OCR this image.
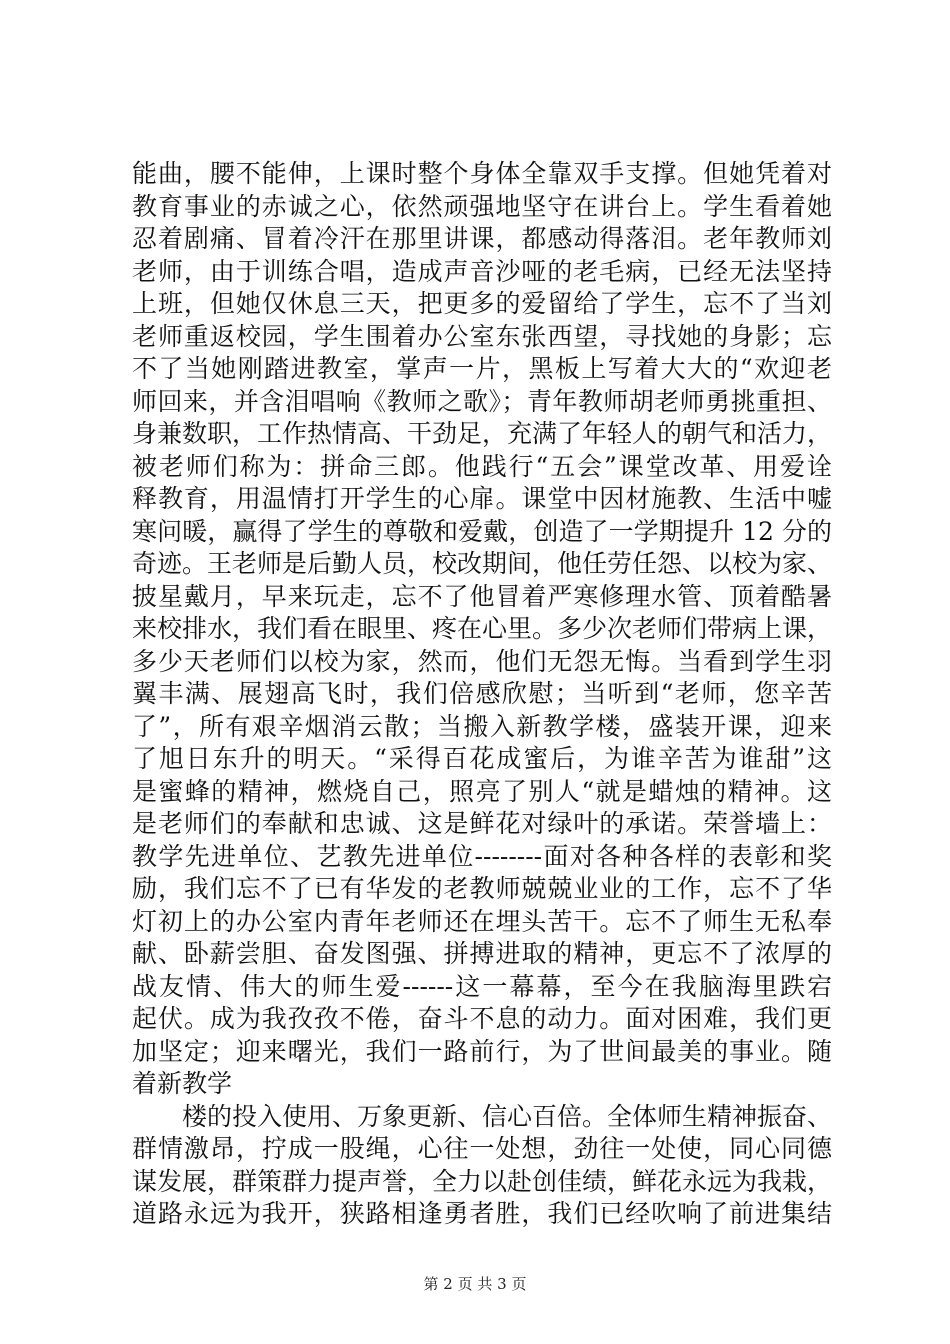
能曲，腰不能伸，上课时整个身体全靠双手支撑。但她凭着对
教育事业的赤诚之心，依然顽强地坚守在讲台上。学生看着她
忍着剧痛、冒着冷汗在那里讲课，都感动得落泪。老年教师刘
老师，由于训练合唱，造成声音沙哑的老毛病，已经无法坚持
上班，但她仅休息三天，把更多的爱留给了学生，忘不了当刘
老师重返校园，学生围着办公室东张西望，寻找她的身影；忘
不了当她刚踏进教室，掌声一片，黑板上写着大大的“欢迎老
师回来，并含泪唱响《教师之歌》；青年教师胡老师勇挑重担、
身兼数职，工作热情高、干劲足，充满了年轻人的朝气和活力，
被老师们称为：拼命三郎。他践行“五会”课堂改革、用爱诠
释教育，用温情打开学生的心扉。课堂中因材施教、生活中嘘
寒问暖，赢得了学生的尊敬和爱戴，创造了一学期提升 12 分的
奇迹。王老师是后勤人员，校改期间，他任劳任怨、以校为家、
披星戴月，早来玩走，忘不了他冒着严寒修理水管、顶着酷暑
来校排水，我们看在眼里、疼在心里。多少次老师们带病上课，
多少天老师们以校为家，然而，他们无怨无悔。当看到学生羽
翼丰满、展翅高飞时，我们倍感欣慰；当听到“老师，您辛苦
了”，所有艰辛烟消云散；当搬入新教学楼，盛装开课，迎来
了旭日东升的明天。“采得百花成蜜后，为谁辛苦为谁甜”这
是蜜蜂的精神，燃烧自己，照亮了别人“就是蜡烛的精神。这
是老师们的奉献和忠诚、这是鲜花对绿叶的承诺。荣誉墙上：
教学先进单位、艺教先进单位--------面对各种各样的表彰和奖
励，我们忘不了已有华发的老教师兢兢业业的工作，忘不了华
灯初上的办公室内青年老师还在埋头苦干。忘不了师生无私奉
献、卧薪尝胆、奋发图强、拼搏进取的精神，更忘不了浓厚的
战友情、伟大的师生爱------这一幕幕，至今在我脑海里跌宕
起伏。成为我孜孜不倦，奋斗不息的动力。面对困难，我们更
加坚定；迎来曙光，我们一路前行，为了世间最美的事业。随
着新教学
楼的投入使用、万象更新、信心百倍。全体师生精神振奋、
群情激昂，拧成一股绳，心往一处想，劲往一处使，同心同德
谋发展，群策群力提声誉，全力以赴创佳绩，鲜花永远为我栽，
道路永远为我开，狭路相逢勇者胜，我们已经吹响了前进集结
第 2 页 共 3 页
